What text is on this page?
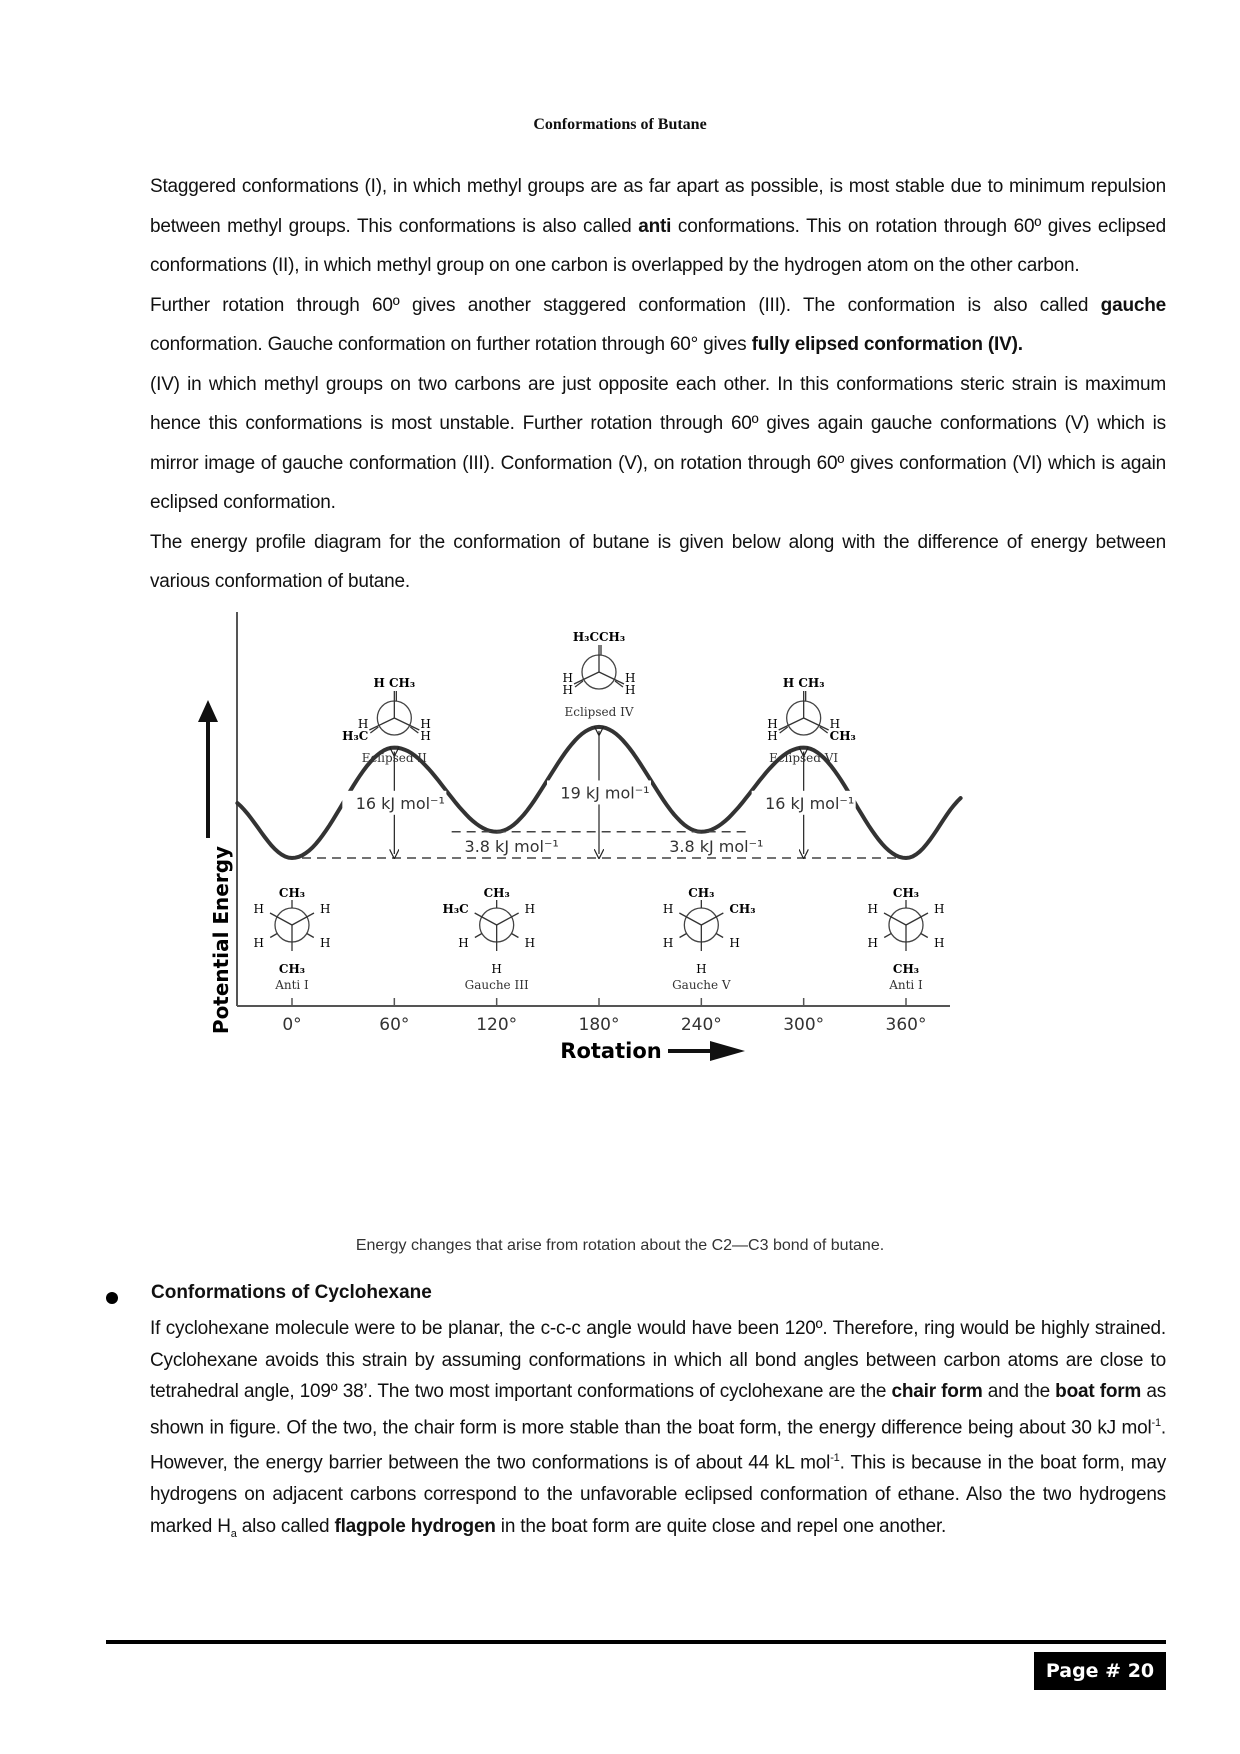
Conformations of Butane

Staggered conformations (I), in which methyl groups are as far apart as possible, is most stable due to minimum repulsion between methyl groups. This conformations is also called anti conformations. This on rotation through 60º gives eclipsed conformations (II), in which methyl group on one carbon is overlapped by the hydrogen atom on the other carbon.

Further rotation through 60º gives another staggered conformation (III). The conformation is also called gauche conformation. Gauche conformation on further rotation through 60° gives fully elipsed conformation (IV).

(IV) in which methyl groups on two carbons are just opposite each other. In this conformations steric strain is maximum hence this conformations is most unstable. Further rotation through 60º gives again gauche conformations (V) which is mirror image of gauche conformation (III). Conformation (V), on rotation through 60º gives conformation (VI) which is again eclipsed conformation.

The energy profile diagram for the conformation of butane is given below along with the difference of energy between various conformation of butane.

Potential Energy	0°	60°	120°	180°	240°	300°	360°
Rotation
16 kJ mol⁻¹
19 kJ mol⁻¹
16 kJ mol⁻¹
3.8 kJ mol⁻¹	3.8 kJ mol⁻¹
CH₃
H	H
H	H
CH₃
Anti I
H CH₃
H
H₃C
H
H
Eclipsed II
CH₃
H₃C	H
H	H
H
Gauche III
H₃CCH₃
H
H
H
H
Eclipsed IV
CH₃
H	CH₃
H	H
H
Gauche V
H CH₃
H
H
H
CH₃
Eclipsed VI
CH₃
H	H
H	H
CH₃
Anti I
Energy changes that arise from rotation about the C2—C3 bond of butane.
Conformations of Cyclohexane
If cyclohexane molecule were to be planar, the c-c-c angle would have been 120º. Therefore, ring would be highly strained. Cyclohexane avoids this strain by assuming conformations in which all bond angles between carbon atoms are close to tetrahedral angle, 109º 38’. The two most important conformations of cyclohexane are the chair form and the boat form as shown in figure. Of the two, the chair form is more stable than the boat form, the energy difference being about 30 kJ mol$^{-1}$. However, the energy barrier between the two conformations is of about 44 kL mol$^{-1}$. This is because in the boat form, may hydrogens on adjacent carbons correspond to the unfavorable eclipsed conformation of ethane. Also the two hydrogens marked $H_a$ also called flagpole hydrogen in the boat form are quite close and repel one another.
Page # 20
